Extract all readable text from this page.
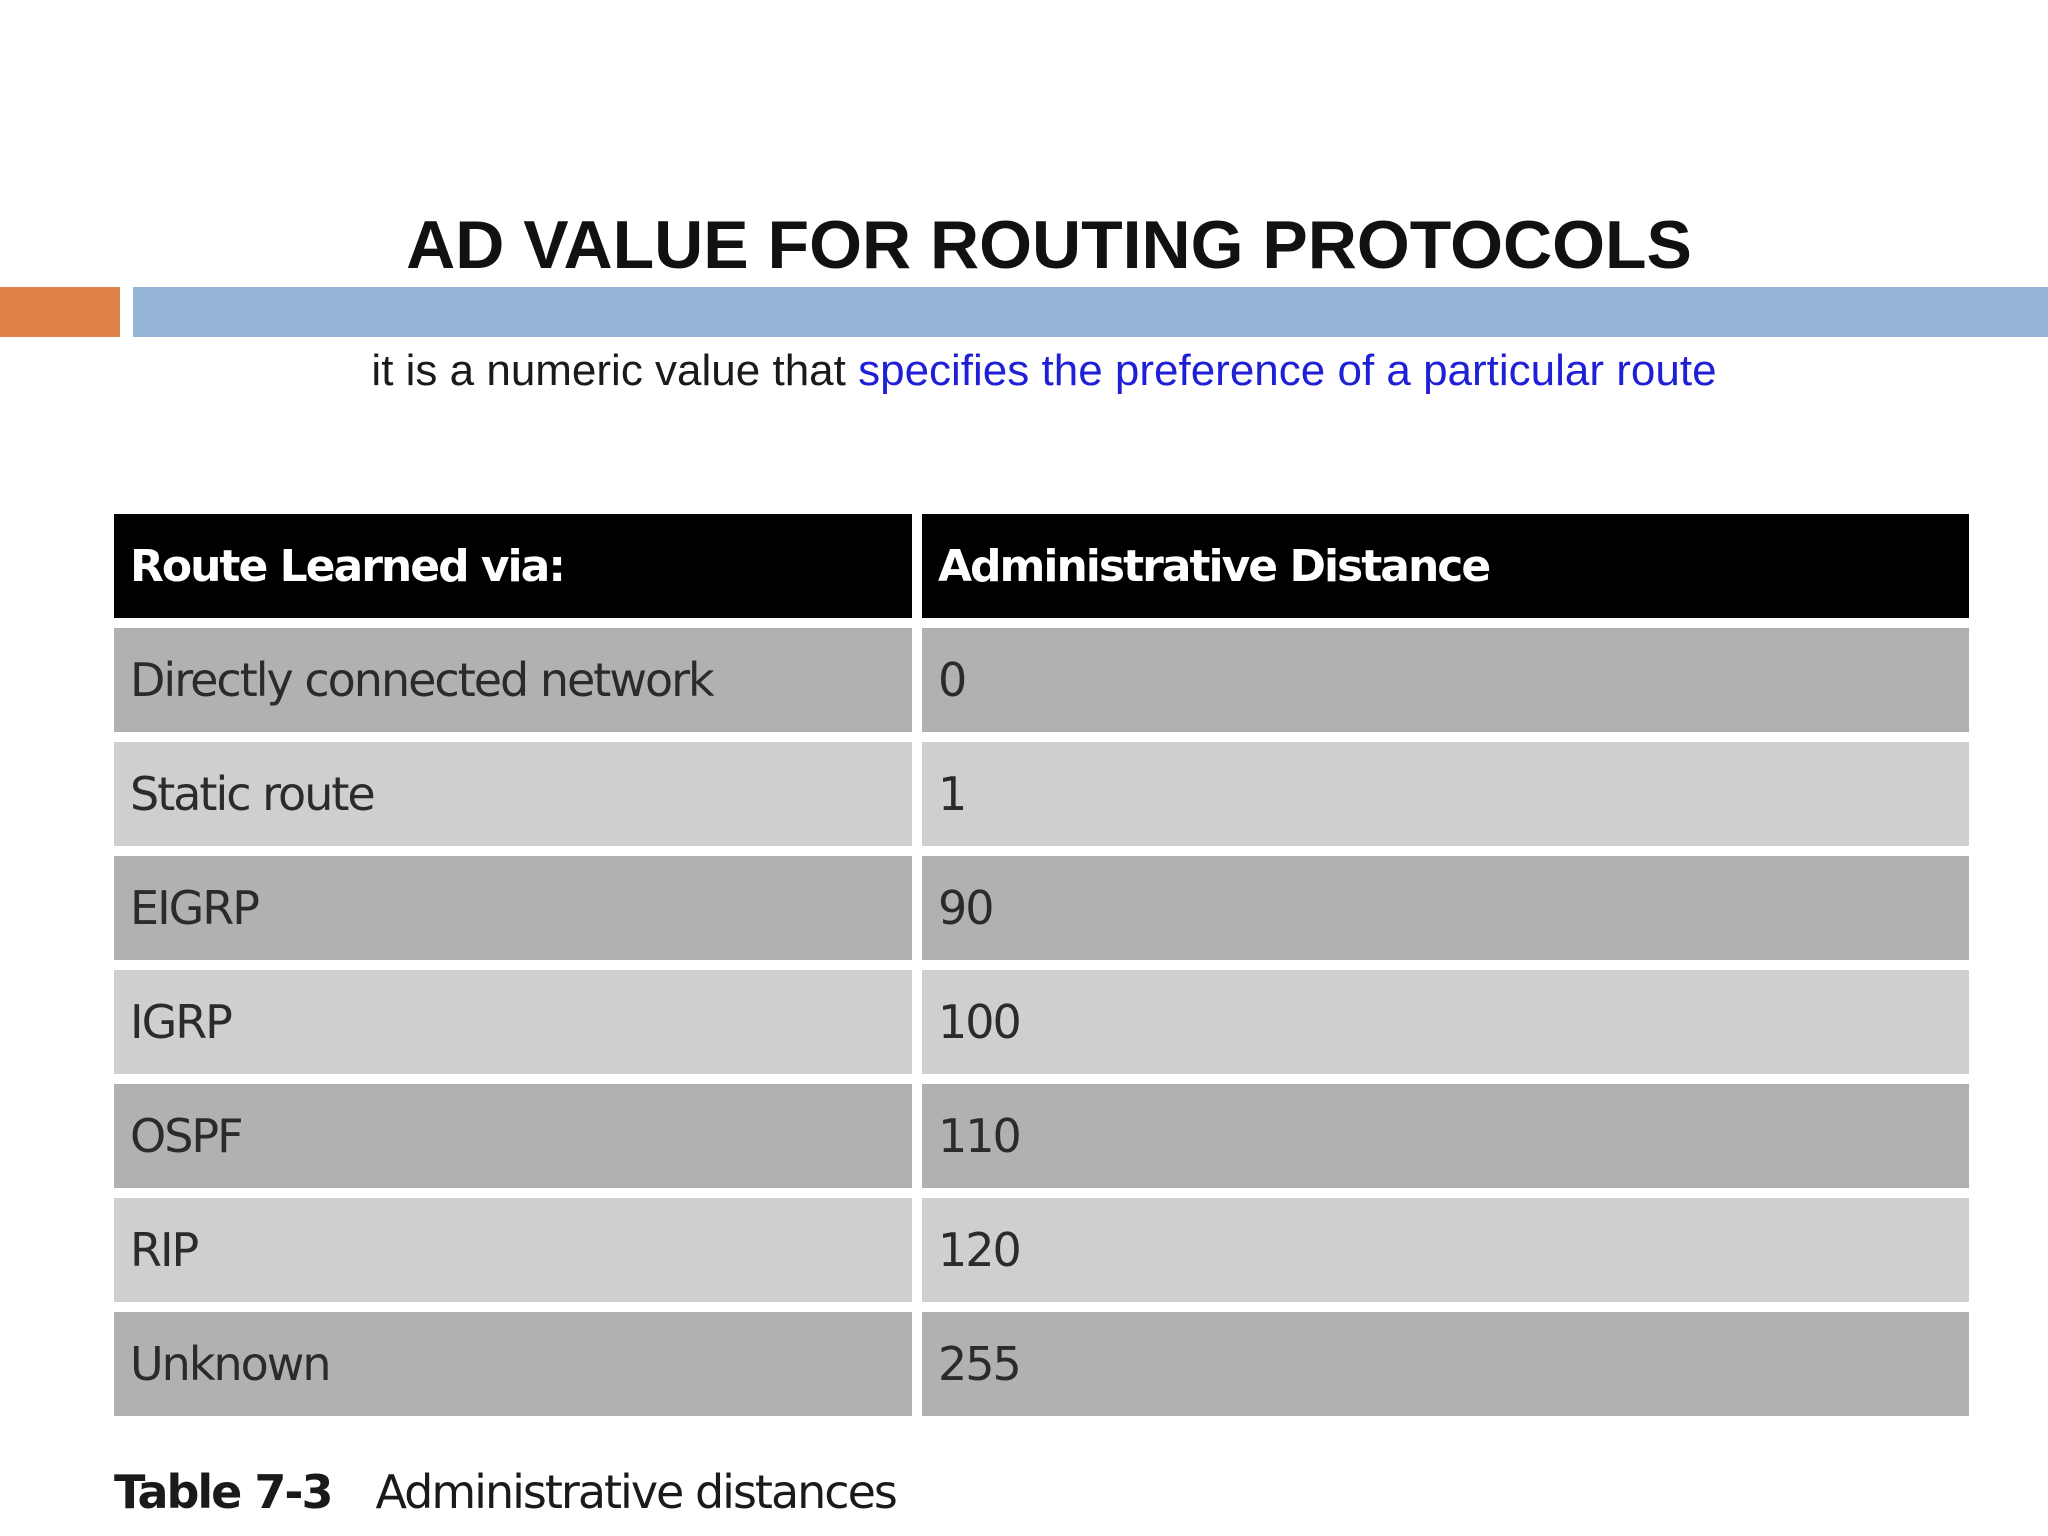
AD VALUE FOR ROUTING PROTOCOLS
it is a numeric value that specifies the preference of a particular route
Route Learned via:	Administrative Distance
Directly connected network	0
Static route	1
EIGRP	90
IGRP	100
OSPF	110
RIP	120
Unknown	255
Table 7-3 Administrative distances
